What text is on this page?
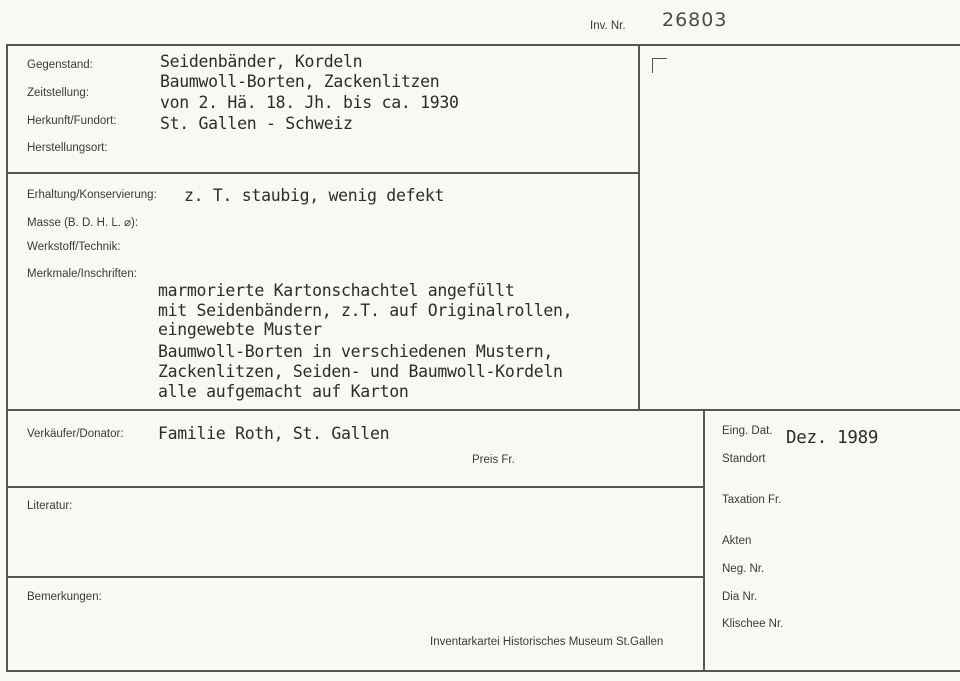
Inv. Nr. 26803
Gegenstand:
Zeitstellung:
Herkunft/Fundort:
Herstellungsort:
Seidenbänder, Kordeln
Baumwoll-Borten, Zackenlitzen
von 2. Hä. 18. Jh. bis ca. 1930
St. Gallen - Schweiz
Erhaltung/Konservierung: z. T. staubig, wenig defekt
Masse (B. D. H. L. ⌀):
Werkstoff/Technik:
Merkmale/Inschriften:
marmorierte Kartonschachtel angefüllt
mit Seidenbändern, z.T. auf Originalrollen,
eingewebte Muster
Baumwoll-Borten in verschiedenen Mustern,
Zackenlitzen, Seiden- und Baumwoll-Kordeln
alle aufgemacht auf Karton
Verkäufer/Donator: Familie Roth, St. Gallen
Preis Fr.
Literatur:
Bemerkungen:
Inventarkartei Historisches Museum St.Gallen
Eing. Dat. Dez. 1989
Standort
Taxation Fr.
Akten
Neg. Nr.
Dia Nr.
Klischee Nr.
